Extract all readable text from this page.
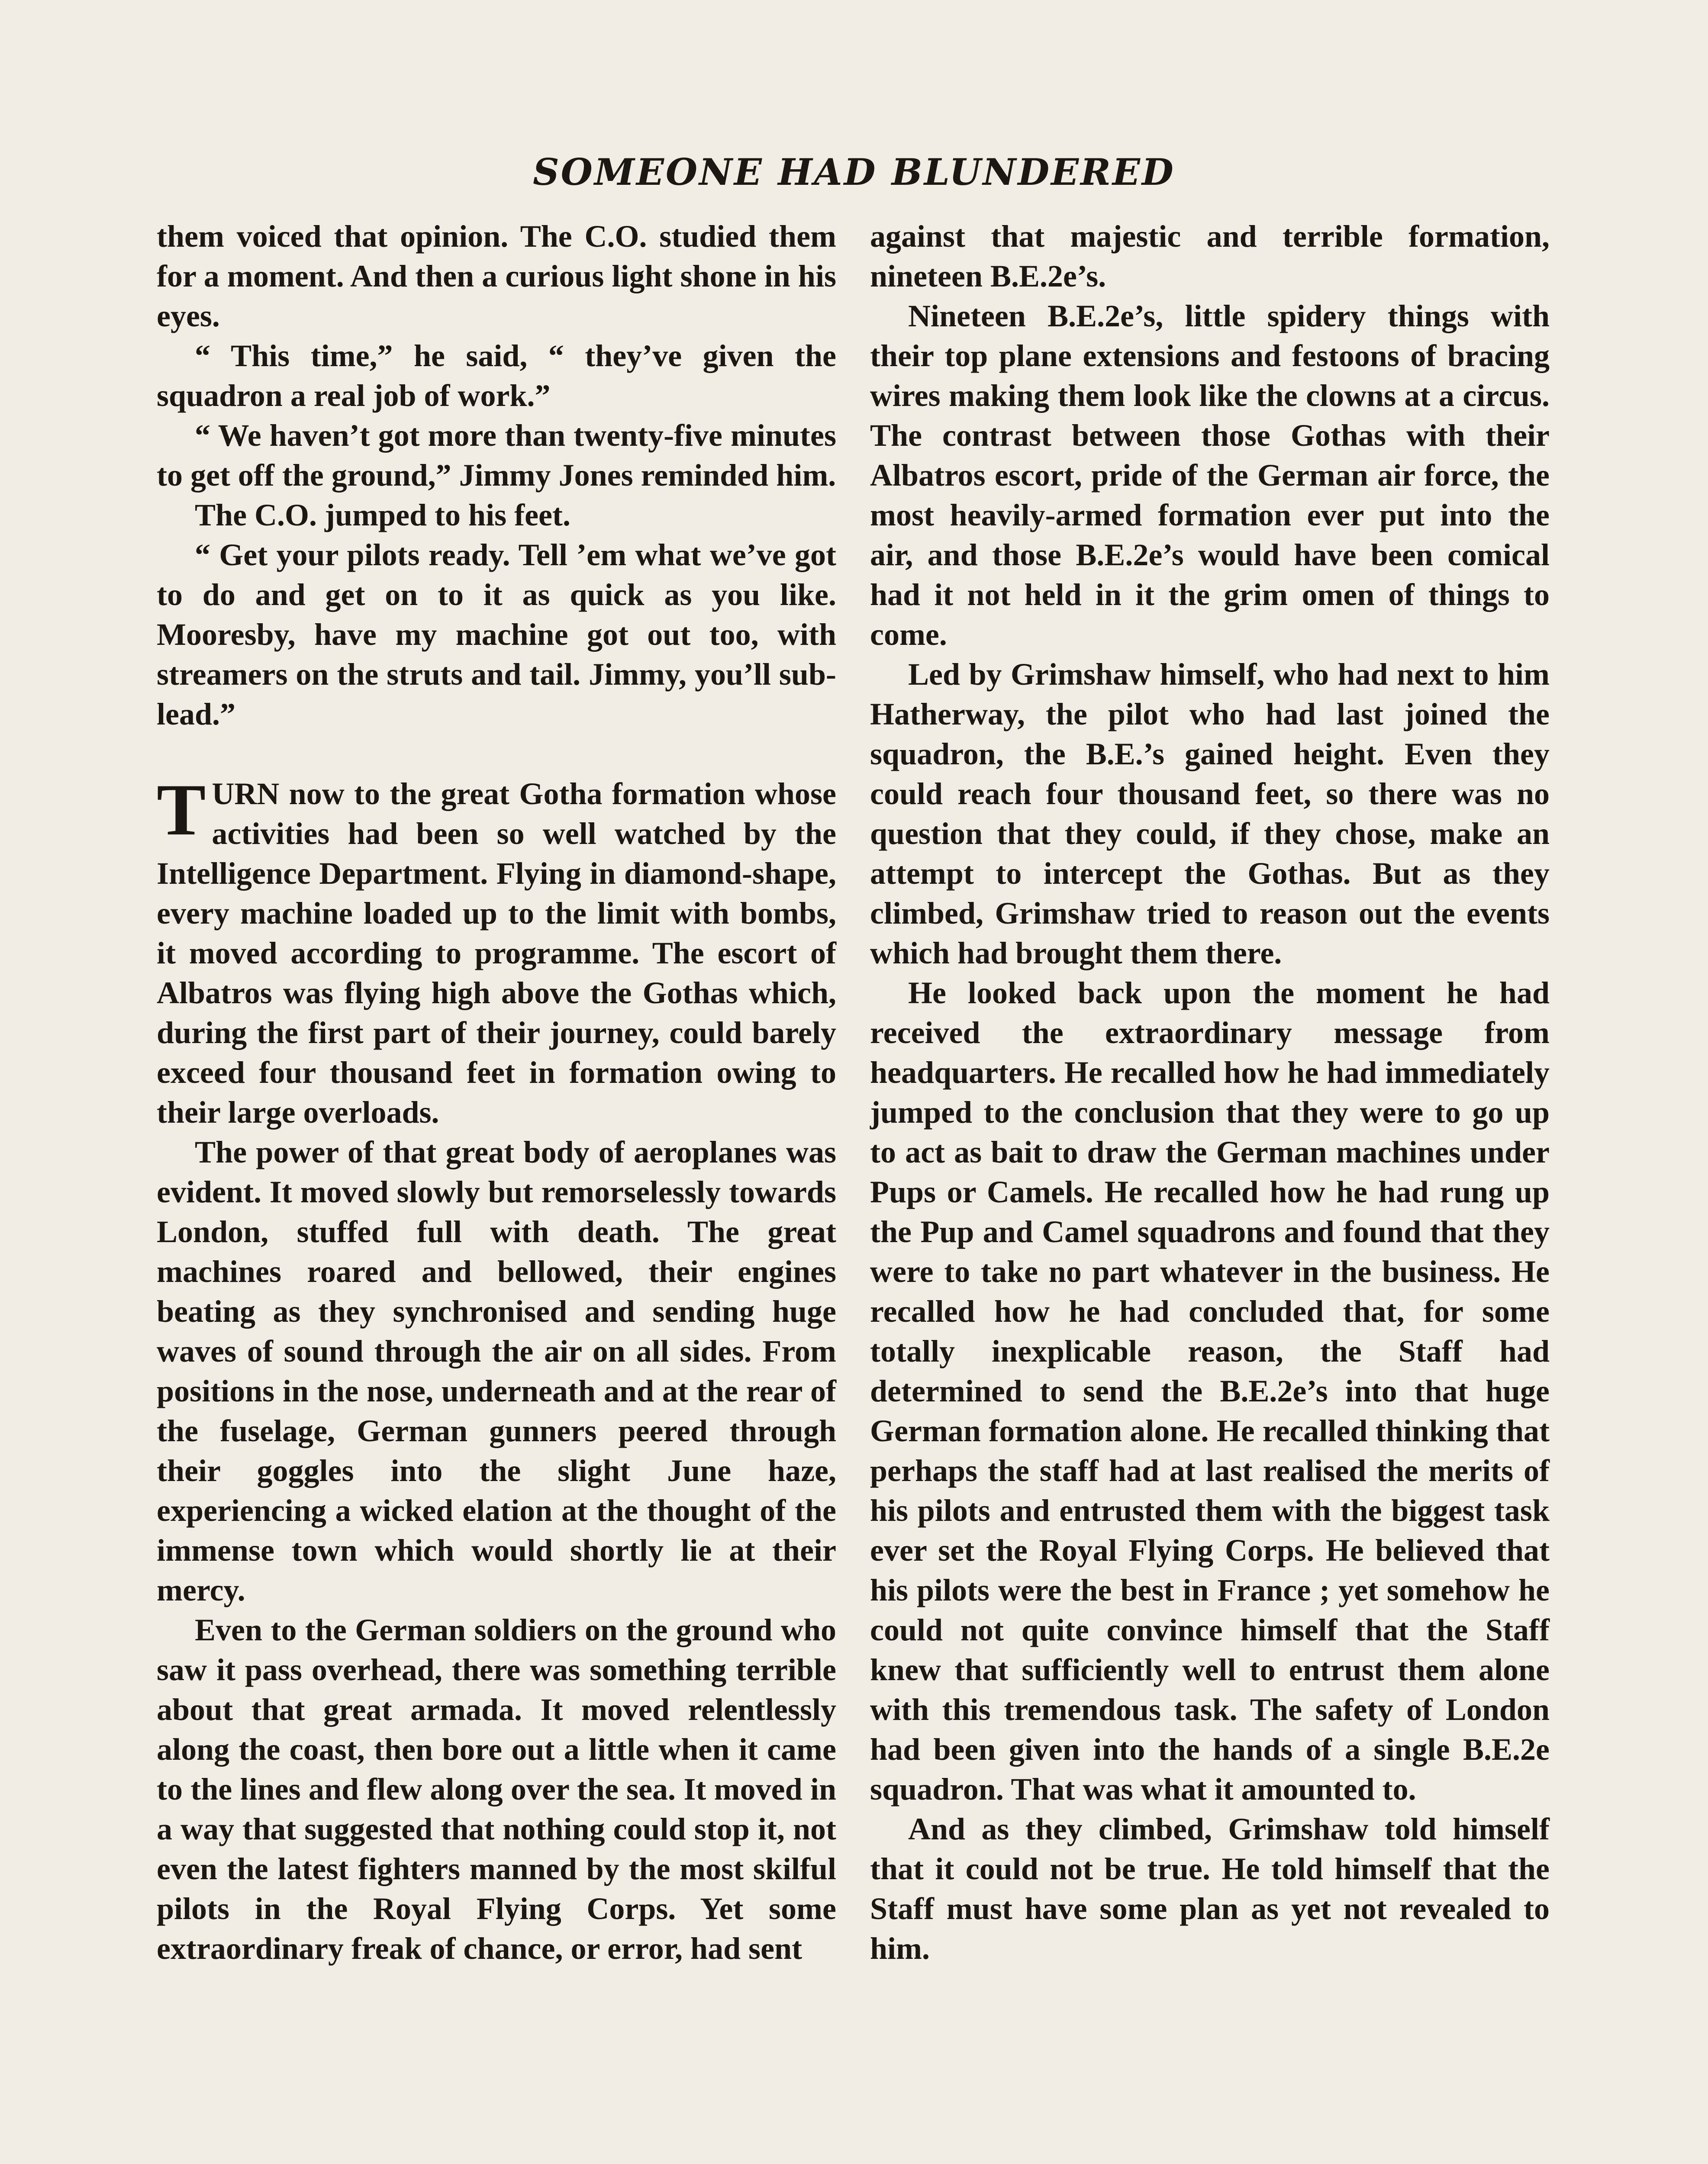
SOMEONE HAD BLUNDERED

them voiced that opinion. The C.O. studied them for a moment. And then a curious light shone in his eyes.

“ This time,” he said, “ they’ve given the squadron a real job of work.”

“ We haven’t got more than twenty-five minutes to get off the ground,” Jimmy Jones reminded him.

The C.O. jumped to his feet.

“ Get your pilots ready. Tell ’em what we’ve got to do and get on to it as quick as you like. Mooresby, have my machine got out too, with streamers on the struts and tail. Jimmy, you’ll sub-lead.”

TURN now to the great Gotha formation whose activities had been so well watched by the Intelligence Department. Flying in diamond-shape, every machine loaded up to the limit with bombs, it moved according to programme. The escort of Albatros was flying high above the Gothas which, during the first part of their journey, could barely exceed four thousand feet in formation owing to their large overloads.

The power of that great body of aeroplanes was evident. It moved slowly but remorselessly towards London, stuffed full with death. The great machines roared and bellowed, their engines beating as they synchronised and sending huge waves of sound through the air on all sides. From positions in the nose, underneath and at the rear of the fuselage, German gunners peered through their goggles into the slight June haze, experiencing a wicked elation at the thought of the immense town which would shortly lie at their mercy.

Even to the German soldiers on the ground who saw it pass overhead, there was something terrible about that great armada. It moved relentlessly along the coast, then bore out a little when it came to the lines and flew along over the sea. It moved in a way that suggested that nothing could stop it, not even the latest fighters manned by the most skilful pilots in the Royal Flying Corps. Yet some extraordinary freak of chance, or error, had sent

against that majestic and terrible formation, nineteen B.E.2e’s.

Nineteen B.E.2e’s, little spidery things with their top plane extensions and festoons of bracing wires making them look like the clowns at a circus. The contrast between those Gothas with their Albatros escort, pride of the German air force, the most heavily-armed formation ever put into the air, and those B.E.2e’s would have been comical had it not held in it the grim omen of things to come.

Led by Grimshaw himself, who had next to him Hatherway, the pilot who had last joined the squadron, the B.E.’s gained height. Even they could reach four thousand feet, so there was no question that they could, if they chose, make an attempt to intercept the Gothas. But as they climbed, Grimshaw tried to reason out the events which had brought them there.

He looked back upon the moment he had received the extraordinary message from headquarters. He recalled how he had immediately jumped to the conclusion that they were to go up to act as bait to draw the German machines under Pups or Camels. He recalled how he had rung up the Pup and Camel squadrons and found that they were to take no part whatever in the business. He recalled how he had concluded that, for some totally inexplicable reason, the Staff had determined to send the B.E.2e’s into that huge German formation alone. He recalled thinking that perhaps the staff had at last realised the merits of his pilots and entrusted them with the biggest task ever set the Royal Flying Corps. He believed that his pilots were the best in France ; yet somehow he could not quite convince himself that the Staff knew that sufficiently well to entrust them alone with this tremendous task. The safety of London had been given into the hands of a single B.E.2e squadron. That was what it amounted to.

And as they climbed, Grimshaw told himself that it could not be true. He told himself that the Staff must have some plan as yet not revealed to him.
